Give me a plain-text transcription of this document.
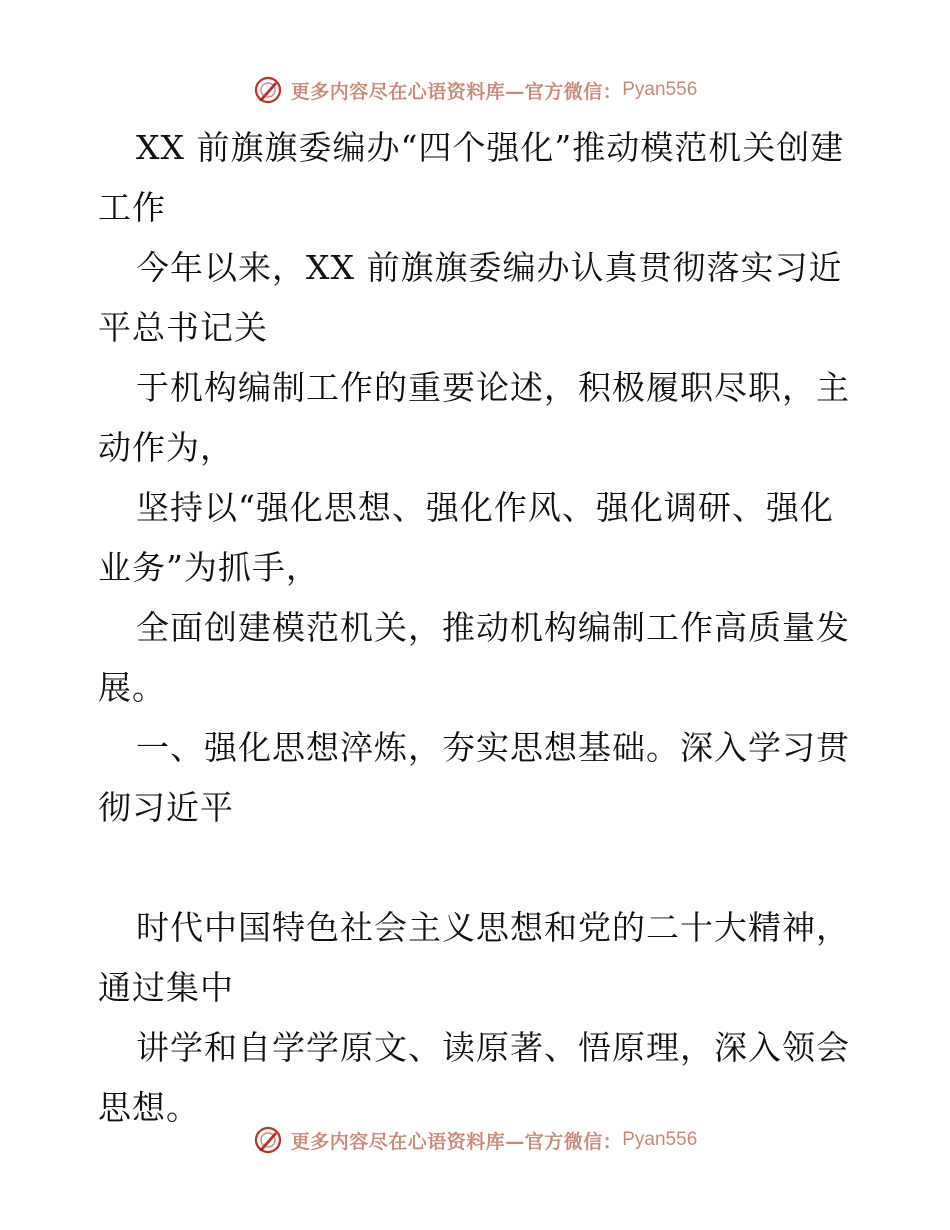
更多内容尽在心语资料库—官方微信： Pyan556

XX 前旗旗委编办“四个强化”推动模范机关创建工作

今年以来，XX 前旗旗委编办认真贯彻落实习近平总书记关

于机构编制工作的重要论述，积极履职尽职，主动作为，

坚持以“强化思想、强化作风、强化调研、强化业务”为抓手，

全面创建模范机关，推动机构编制工作高质量发展。

一、强化思想淬炼，夯实思想基础。深入学习贯彻习近平

时代中国特色社会主义思想和党的二十大精神，通过集中

讲学和自学学原文、读原著、悟原理，深入领会思想。

更多内容尽在心语资料库—官方微信： Pyan556
